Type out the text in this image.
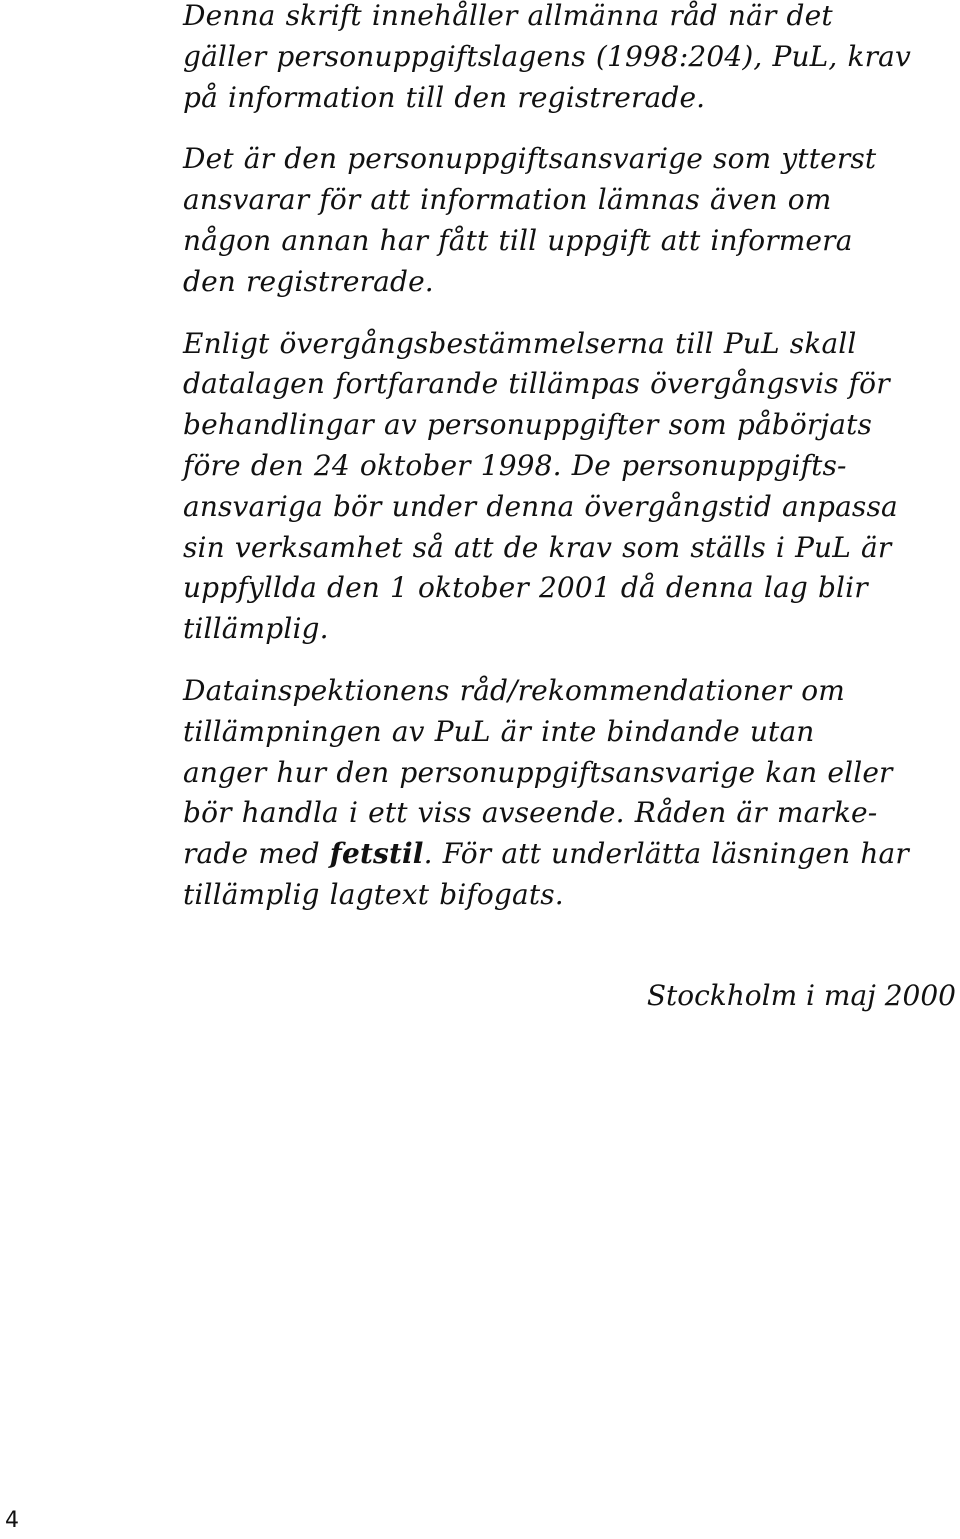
Denna skrift innehåller allmänna råd när det
gäller personuppgiftslagens (1998:204), PuL, krav
på information till den registrerade.

Det är den personuppgiftsansvarige som ytterst
ansvarar för att information lämnas även om
någon annan har fått till uppgift att informera
den registrerade.

Enligt övergångsbestämmelserna till PuL skall
datalagen fortfarande tillämpas övergångsvis för
behandlingar av personuppgifter som påbörjats
före den 24 oktober 1998. De personuppgifts-
ansvariga bör under denna övergångstid anpassa
sin verksamhet så att de krav som ställs i PuL är
uppfyllda den 1 oktober 2001 då denna lag blir
tillämplig.

Datainspektionens råd/rekommendationer om
tillämpningen av PuL är inte bindande utan
anger hur den personuppgiftsansvarige kan eller
bör handla i ett viss avseende. Råden är marke-
rade med fetstil. För att underlätta läsningen har
tillämplig lagtext bifogats.

Stockholm i maj 2000
4
